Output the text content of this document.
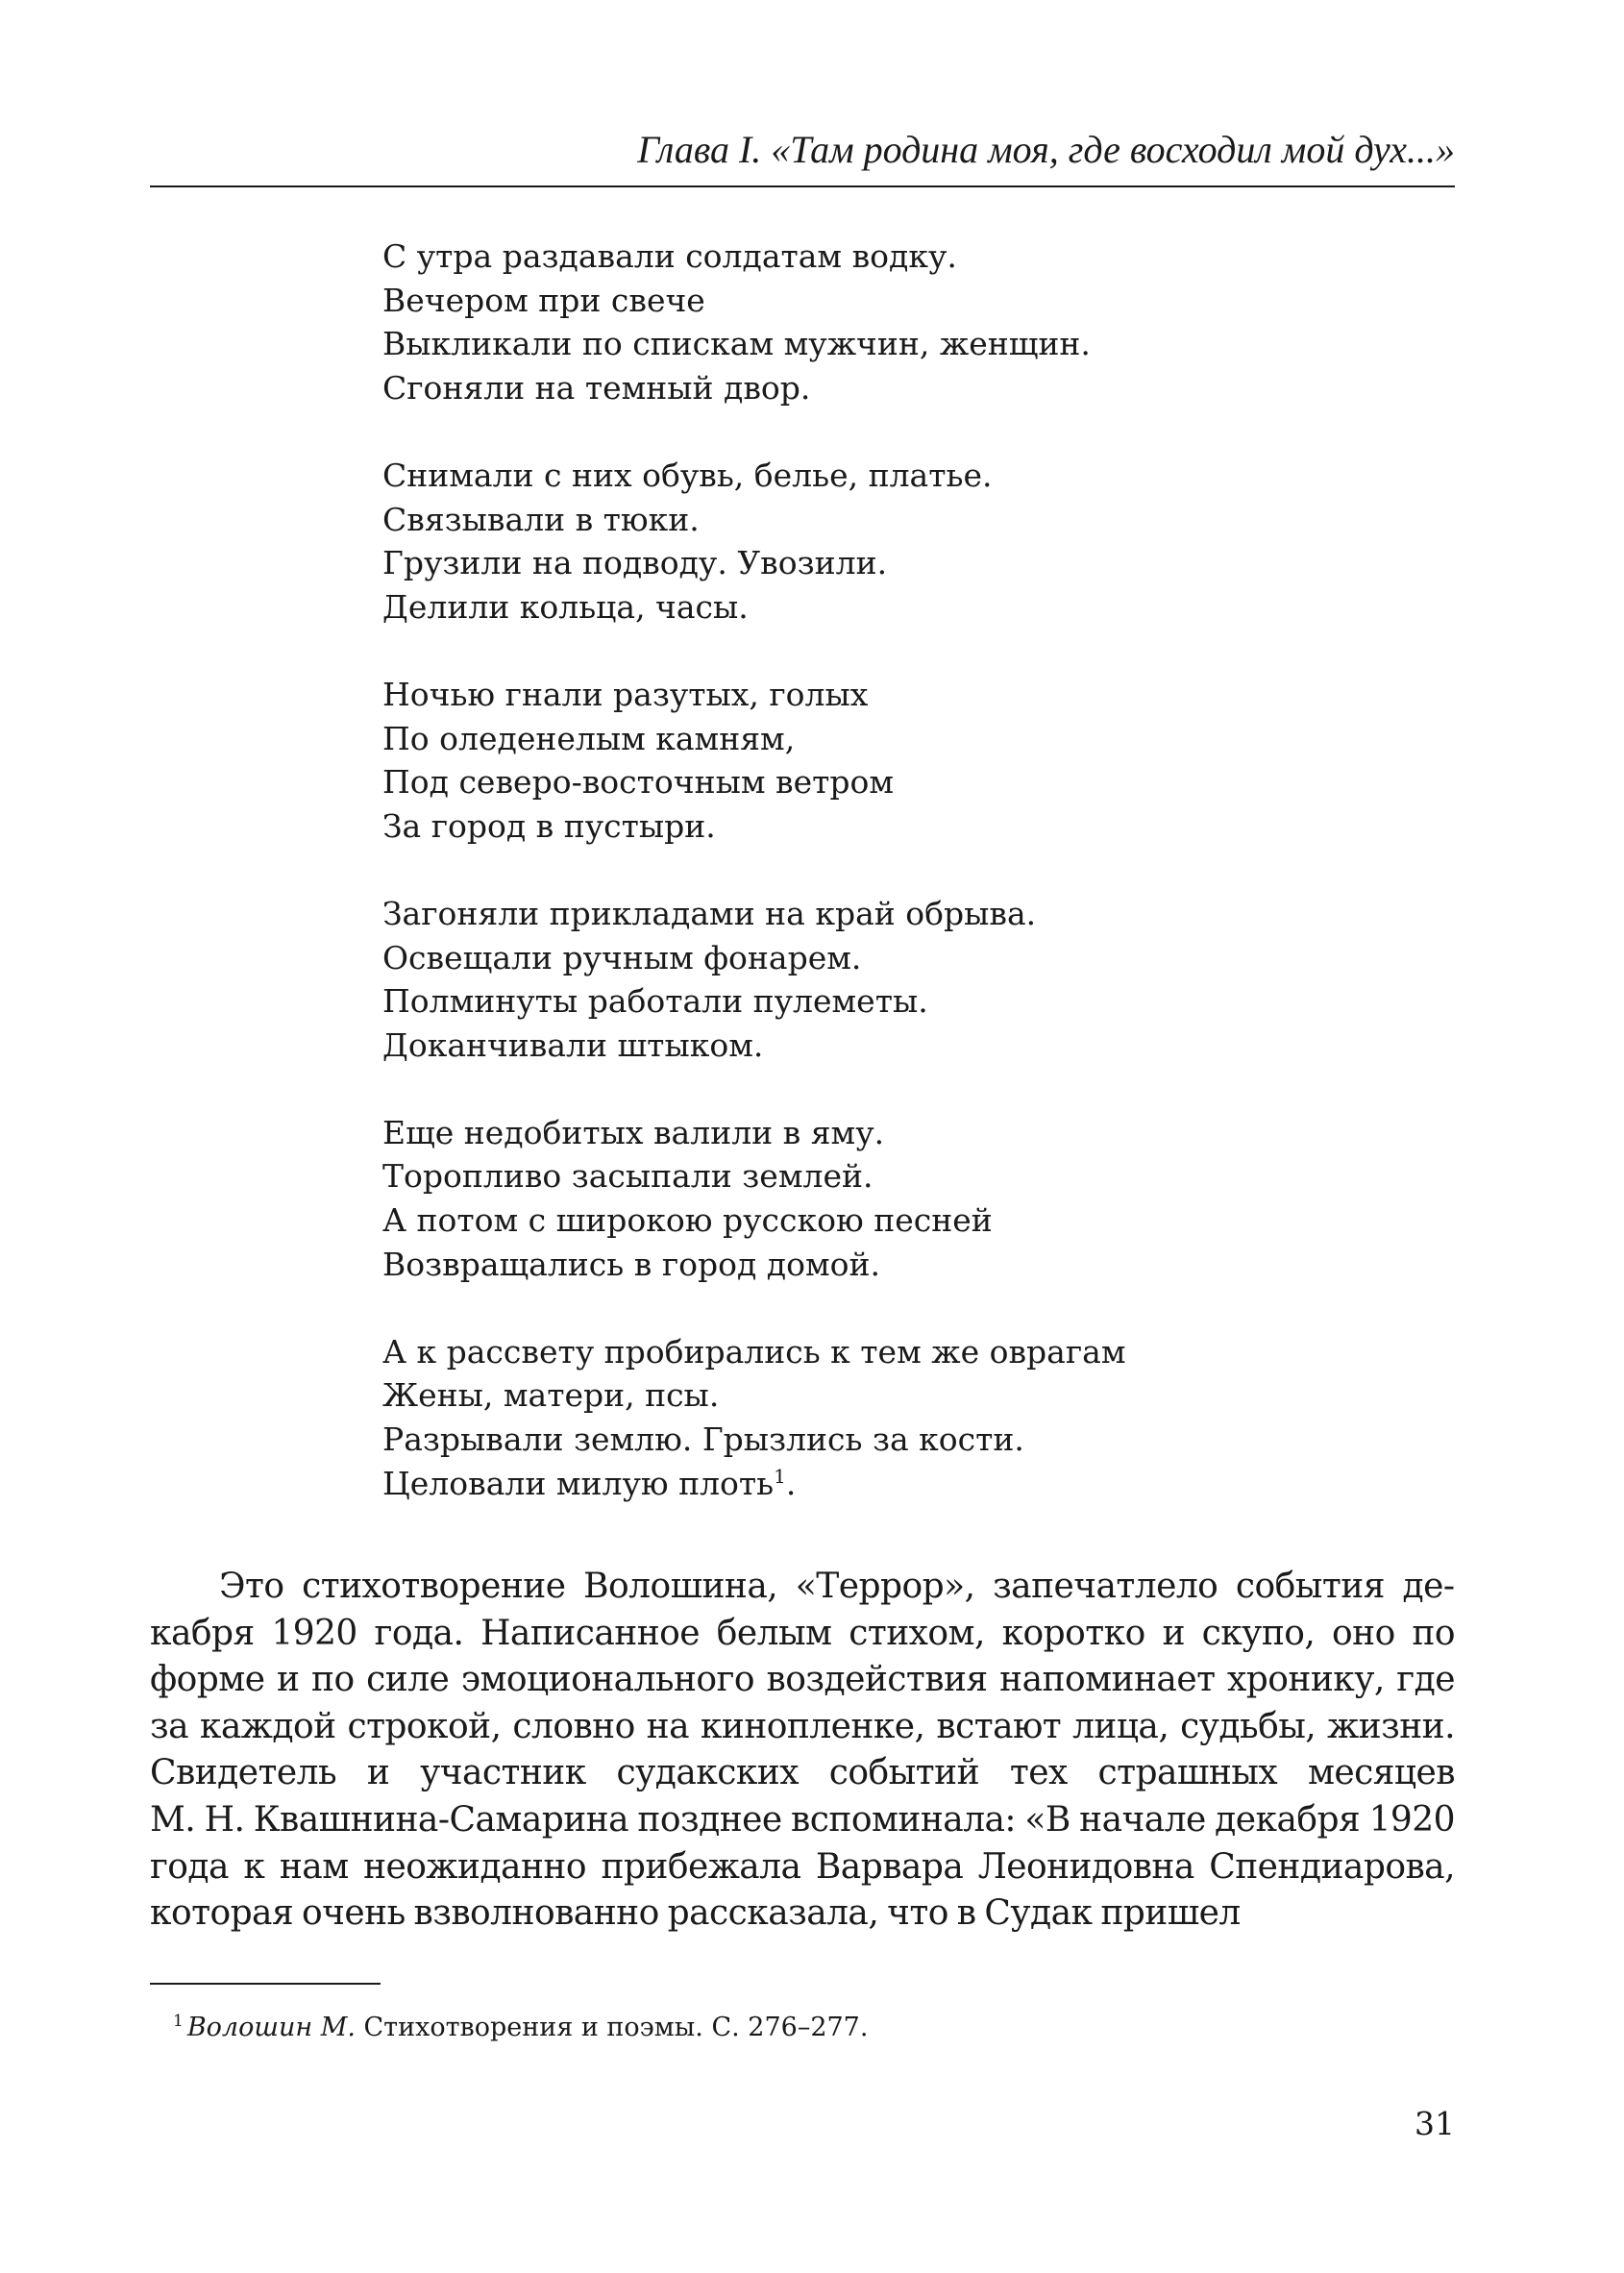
Глава I. «Там родина моя, где восходил мой дух...»
С утра раздавали солдатам водку.
Вечером при свече
Выкликали по спискам мужчин, женщин.
Сгоняли на темный двор.
Снимали с них обувь, белье, платье.
Связывали в тюки.
Грузили на подводу. Увозили.
Делили кольца, часы.
Ночью гнали разутых, голых
По оледенелым камням,
Под северо-восточным ветром
За город в пустыри.
Загоняли прикладами на край обрыва.
Освещали ручным фонарем.
Полминуты работали пулеметы.
Доканчивали штыком.
Еще недобитых валили в яму.
Торопливо засыпали землей.
А потом с широкою русскою песней
Возвращались в город домой.
А к рассвету пробирались к тем же оврагам
Жены, матери, псы.
Разрывали землю. Грызлись за кости.
Целовали милую плоть$^1$.

Это стихотворение Волошина, «Террор», запечатлело события декабря 1920 года. Написанное белым стихом, коротко и скупо, оно по форме и по силе эмоционального воздействия напоминает хронику, где за каждой строкой, словно на кинопленке, встают лица, судьбы, жизни. Свидетель и участник судакских событий тех страшных месяцев М. Н. Квашнина-Самарина позднее вспоминала: «В начале декабря 1920 года к нам неожиданно прибежала Варвара Леонидовна Спендиарова, которая очень взволнованно рассказала, что в Судак пришел

$^1$ Волошин М. Стихотворения и поэмы. С. 276–277.
31
